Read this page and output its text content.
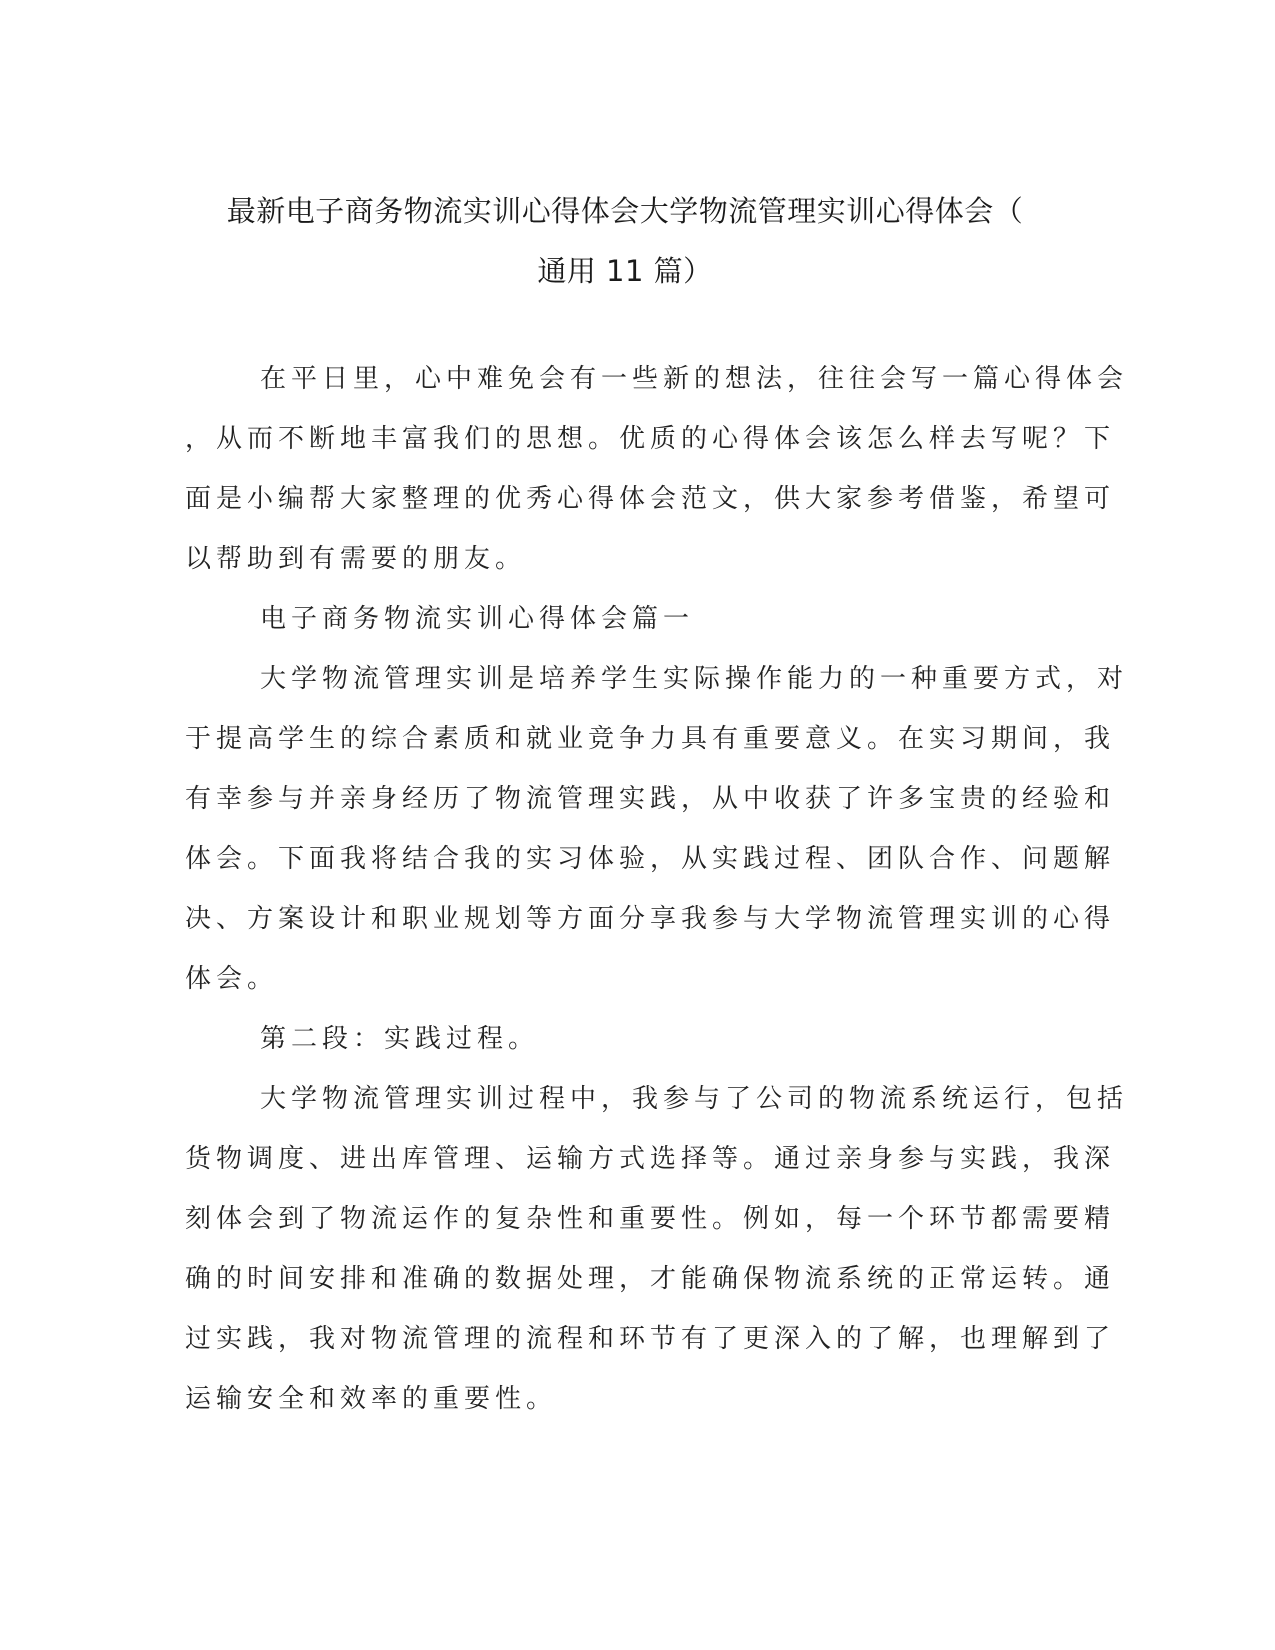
最新电子商务物流实训心得体会大学物流管理实训心得体会（
通用 11 篇）
在平日里，心中难免会有一些新的想法，往往会写一篇心得体会
，从而不断地丰富我们的思想。优质的心得体会该怎么样去写呢？下
面是小编帮大家整理的优秀心得体会范文，供大家参考借鉴，希望可
以帮助到有需要的朋友。
电子商务物流实训心得体会篇一
大学物流管理实训是培养学生实际操作能力的一种重要方式，对
于提高学生的综合素质和就业竞争力具有重要意义。在实习期间，我
有幸参与并亲身经历了物流管理实践，从中收获了许多宝贵的经验和
体会。下面我将结合我的实习体验，从实践过程、团队合作、问题解
决、方案设计和职业规划等方面分享我参与大学物流管理实训的心得
体会。
第二段：实践过程。
大学物流管理实训过程中，我参与了公司的物流系统运行，包括
货物调度、进出库管理、运输方式选择等。通过亲身参与实践，我深
刻体会到了物流运作的复杂性和重要性。例如，每一个环节都需要精
确的时间安排和准确的数据处理，才能确保物流系统的正常运转。通
过实践，我对物流管理的流程和环节有了更深入的了解，也理解到了
运输安全和效率的重要性。
